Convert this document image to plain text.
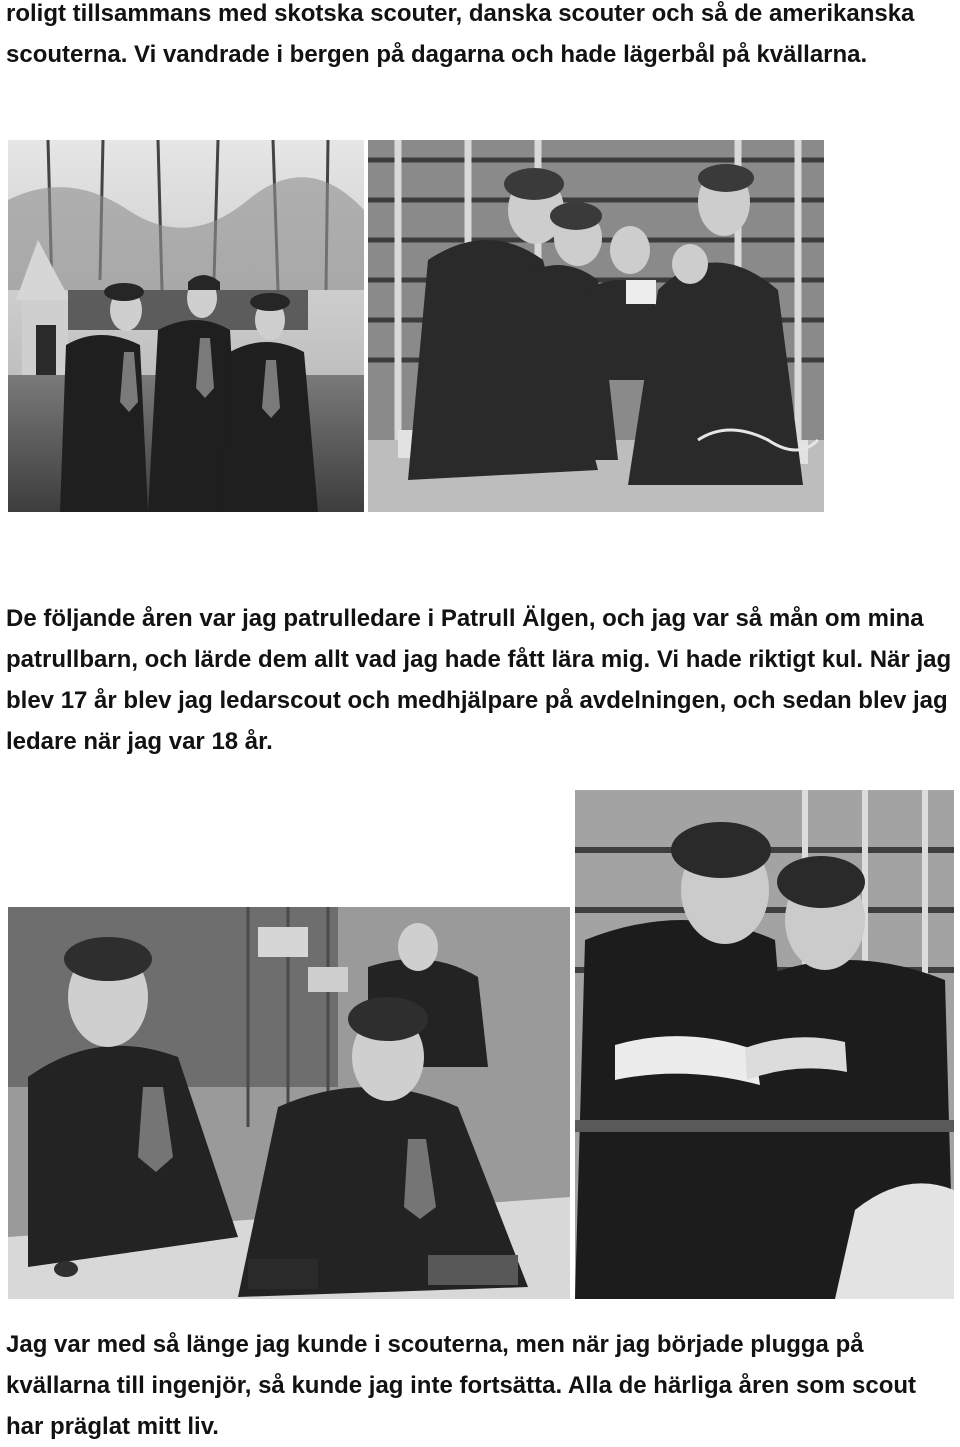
roligt tillsammans med skotska scouter, danska scouter och så de amerikanska scouterna. Vi vandrade i bergen på dagarna och hade lägerbål på kvällarna.

De följande åren var jag patrulledare i Patrull Älgen, och jag var så mån om mina patrullbarn, och lärde dem allt vad jag hade fått lära mig. Vi hade riktigt kul. När jag blev 17 år blev jag ledarscout och medhjälpare på avdelningen, och sedan blev jag ledare när jag var 18 år.

Jag var med så länge jag kunde i scouterna, men när jag började plugga på kvällarna till ingenjör, så kunde jag inte fortsätta. Alla de härliga åren som scout har präglat mitt liv.
